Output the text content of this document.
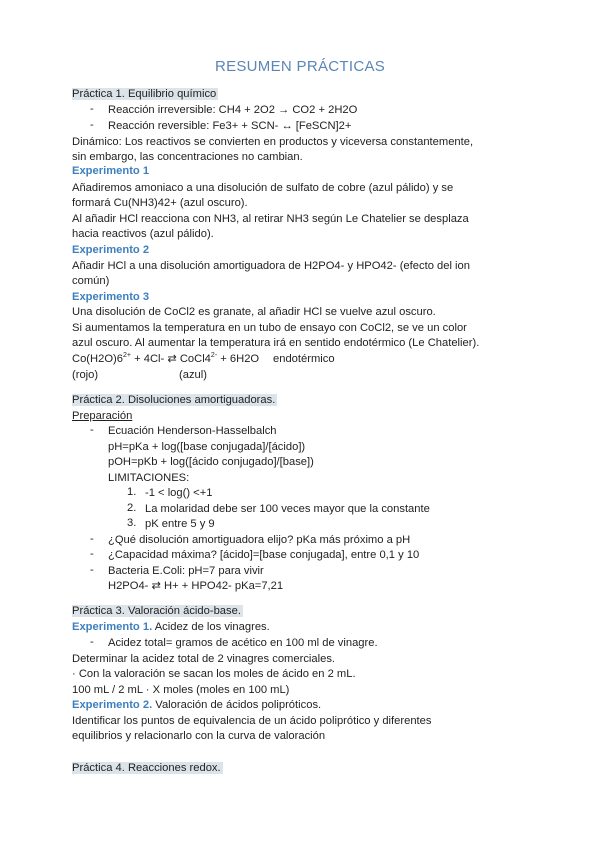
RESUMEN PRÁCTICAS
Práctica 1. Equilibrio químico
- Reacción irreversible: CH4 + 2O2 → CO2 + 2H2O
- Reacción reversible: Fe3+ + SCN- ↔ [FeSCN]2+
Dinámico: Los reactivos se convierten en productos y viceversa constantemente,
sin embargo, las concentraciones no cambian.
Experimento 1
Añadiremos amoniaco a una disolución de sulfato de cobre (azul pálido) y se
formará Cu(NH3)42+ (azul oscuro).
Al añadir HCl reacciona con NH3, al retirar NH3 según Le Chatelier se desplaza
hacia reactivos (azul pálido).
Experimento 2
Añadir HCl a una disolución amortiguadora de H2PO4- y HPO42- (efecto del ion
común)
Experimento 3
Una disolución de CoCl2 es granate, al añadir HCl se vuelve azul oscuro.
Si aumentamos la temperatura en un tubo de ensayo con CoCl2, se ve un color
azul oscuro. Al aumentar la temperatura irá en sentido endotérmico (Le Chatelier).
$Co(H2O)6^{2+} + 4Cl-$ ⇄ $CoCl4^{2-} + 6H2O$ endotérmico
(rojo)	(azul)
Práctica 2. Disoluciones amortiguadoras.
Preparación
- Ecuación Henderson-Hasselbalch
pH=pKa + log([base conjugada]/[ácido])
pOH=pKb + log([ácido conjugado]/[base])
LIMITACIONES:
1. -1 < log() <+1
2. La molaridad debe ser 100 veces mayor que la constante
3. pK entre 5 y 9
- ¿Qué disolución amortiguadora elijo? pKa más próximo a pH
- ¿Capacidad máxima? [ácido]=[base conjugada], entre 0,1 y 10
- Bacteria E.Coli: pH=7 para vivir
H2PO4- ⇄ H+ + HPO42- pKa=7,21
Práctica 3. Valoración ácido-base.
Experimento 1. Acidez de los vinagres.
- Acidez total= gramos de acético en 100 ml de vinagre.
Determinar la acidez total de 2 vinagres comerciales.
· Con la valoración se sacan los moles de ácido en 2 mL.
100 mL / 2 mL · X moles (moles en 100 mL)
Experimento 2. Valoración de ácidos polipróticos.
Identificar los puntos de equivalencia de un ácido poliprótico y diferentes
equilibrios y relacionarlo con la curva de valoración
Práctica 4. Reacciones redox.
